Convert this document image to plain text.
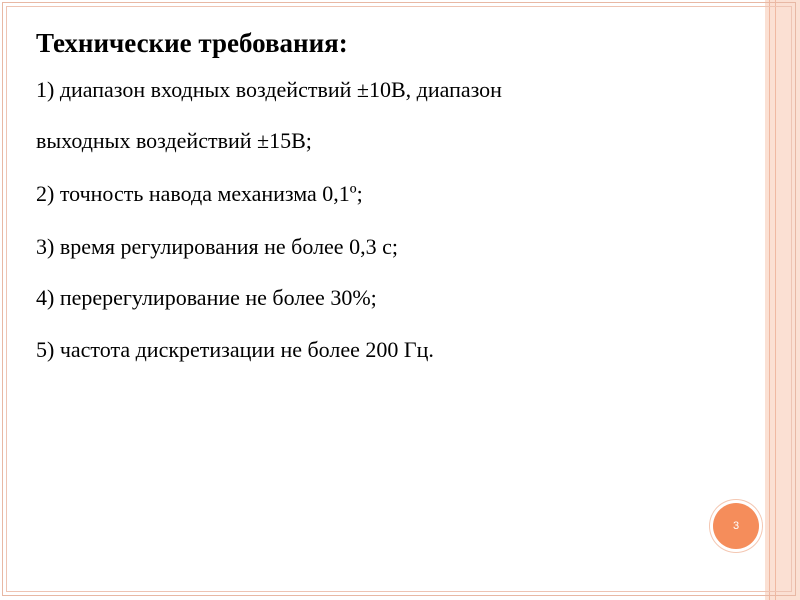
Технические требования:
1) диапазон входных воздействий ±10В, диапазон
выходных воздействий ±15В;
2) точность навода механизма 0,1º;
3) время регулирования не более 0,3 с;
4) перерегулирование не более 30%;
5) частота дискретизации не более 200 Гц.
3
